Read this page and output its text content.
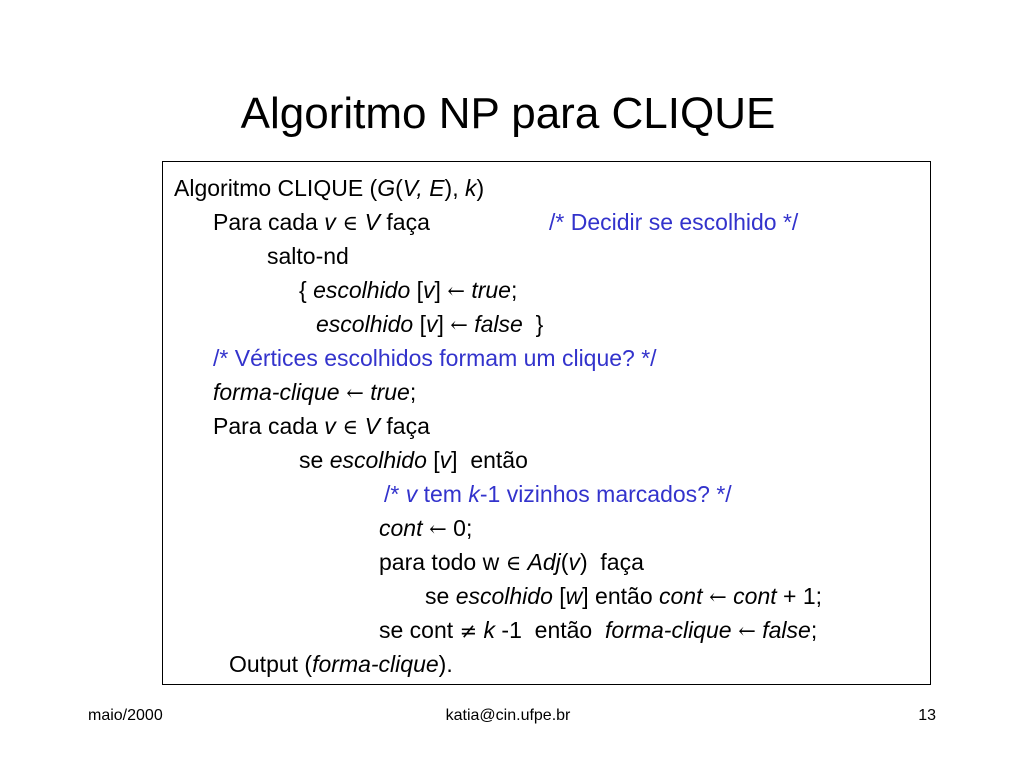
Algoritmo NP para CLIQUE
Algoritmo CLIQUE (G(V, E), k)
Para cada v ∈ V faça	/* Decidir se escolhido */
salto-nd
{ escolhido [v] ← true;
escolhido [v] ← false  }
/* Vértices escolhidos formam um clique? */
forma-clique ← true;
Para cada v ∈ V faça
se escolhido [v]  então
/* v tem k-1 vizinhos marcados? */
cont ← 0;
para todo w ∈ Adj(v)  faça
se escolhido [w] então cont ← cont + 1;
se cont ≠ k -1  então  forma-clique ← false;
Output (forma-clique).
maio/2000	katia@cin.ufpe.br	13
